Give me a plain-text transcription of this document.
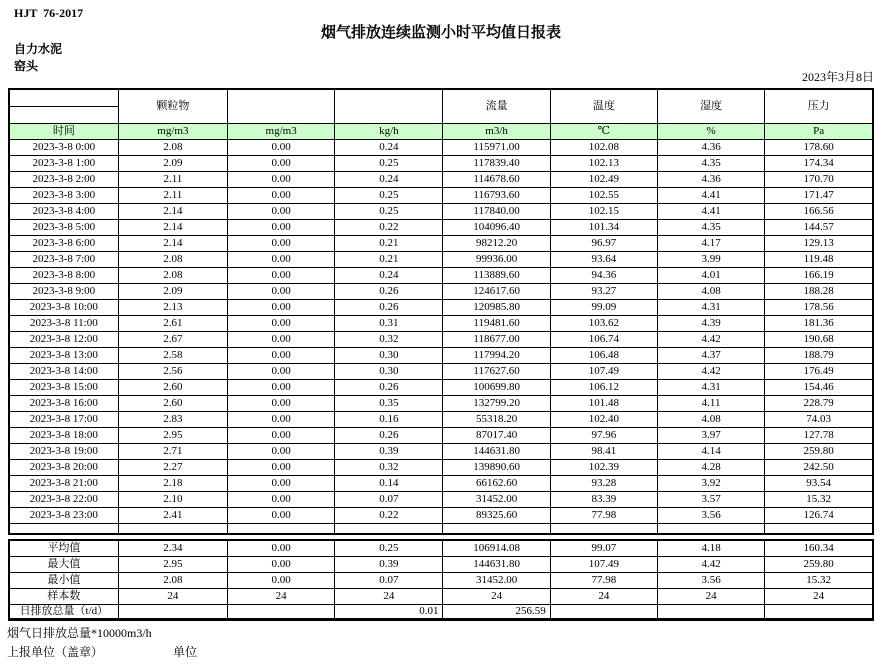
HJT  76-2017
烟气排放连续监测小时平均值日报表
自力水泥
窑头
2023年3月8日
	颗粒物			流量	温度	湿度	压力

时间	mg/m3	mg/m3	kg/h	m3/h	℃	%	Pa
2023-3-8 0:00	2.08	0.00	0.24	115971.00	102.08	4.36	178.60
2023-3-8 1:00	2.09	0.00	0.25	117839.40	102.13	4.35	174.34
2023-3-8 2:00	2.11	0.00	0.24	114678.60	102.49	4.36	170.70
2023-3-8 3:00	2.11	0.00	0.25	116793.60	102.55	4.41	171.47
2023-3-8 4:00	2.14	0.00	0.25	117840.00	102.15	4.41	166.56
2023-3-8 5:00	2.14	0.00	0.22	104096.40	101.34	4.35	144.57
2023-3-8 6:00	2.14	0.00	0.21	98212.20	96.97	4.17	129.13
2023-3-8 7:00	2.08	0.00	0.21	99936.00	93.64	3.99	119.48
2023-3-8 8:00	2.08	0.00	0.24	113889.60	94.36	4.01	166.19
2023-3-8 9:00	2.09	0.00	0.26	124617.60	93.27	4.08	188.28
2023-3-8 10:00	2.13	0.00	0.26	120985.80	99.09	4.31	178.56
2023-3-8 11:00	2.61	0.00	0.31	119481.60	103.62	4.39	181.36
2023-3-8 12:00	2.67	0.00	0.32	118677.00	106.74	4.42	190.68
2023-3-8 13:00	2.58	0.00	0.30	117994.20	106.48	4.37	188.79
2023-3-8 14:00	2.56	0.00	0.30	117627.60	107.49	4.42	176.49
2023-3-8 15:00	2.60	0.00	0.26	100699.80	106.12	4.31	154.46
2023-3-8 16:00	2.60	0.00	0.35	132799.20	101.48	4.11	228.79
2023-3-8 17:00	2.83	0.00	0.16	55318.20	102.40	4.08	74.03
2023-3-8 18:00	2.95	0.00	0.26	87017.40	97.96	3.97	127.78
2023-3-8 19:00	2.71	0.00	0.39	144631.80	98.41	4.14	259.80
2023-3-8 20:00	2.27	0.00	0.32	139890.60	102.39	4.28	242.50
2023-3-8 21:00	2.18	0.00	0.14	66162.60	93.28	3.92	93.54
2023-3-8 22:00	2.10	0.00	0.07	31452.00	83.39	3.57	15.32
2023-3-8 23:00	2.41	0.00	0.22	89325.60	77.98	3.56	126.74

平均值	2.34	0.00	0.25	106914.08	99.07	4.18	160.34
最大值	2.95	0.00	0.39	144631.80	107.49	4.42	259.80
最小值	2.08	0.00	0.07	31452.00	77.98	3.56	15.32
样本数	24	24	24	24	24	24	24
日排放总量（t/d）			0.01	256.59			
烟气日排放总量*10000m3/h
上报单位（盖章）	单位
